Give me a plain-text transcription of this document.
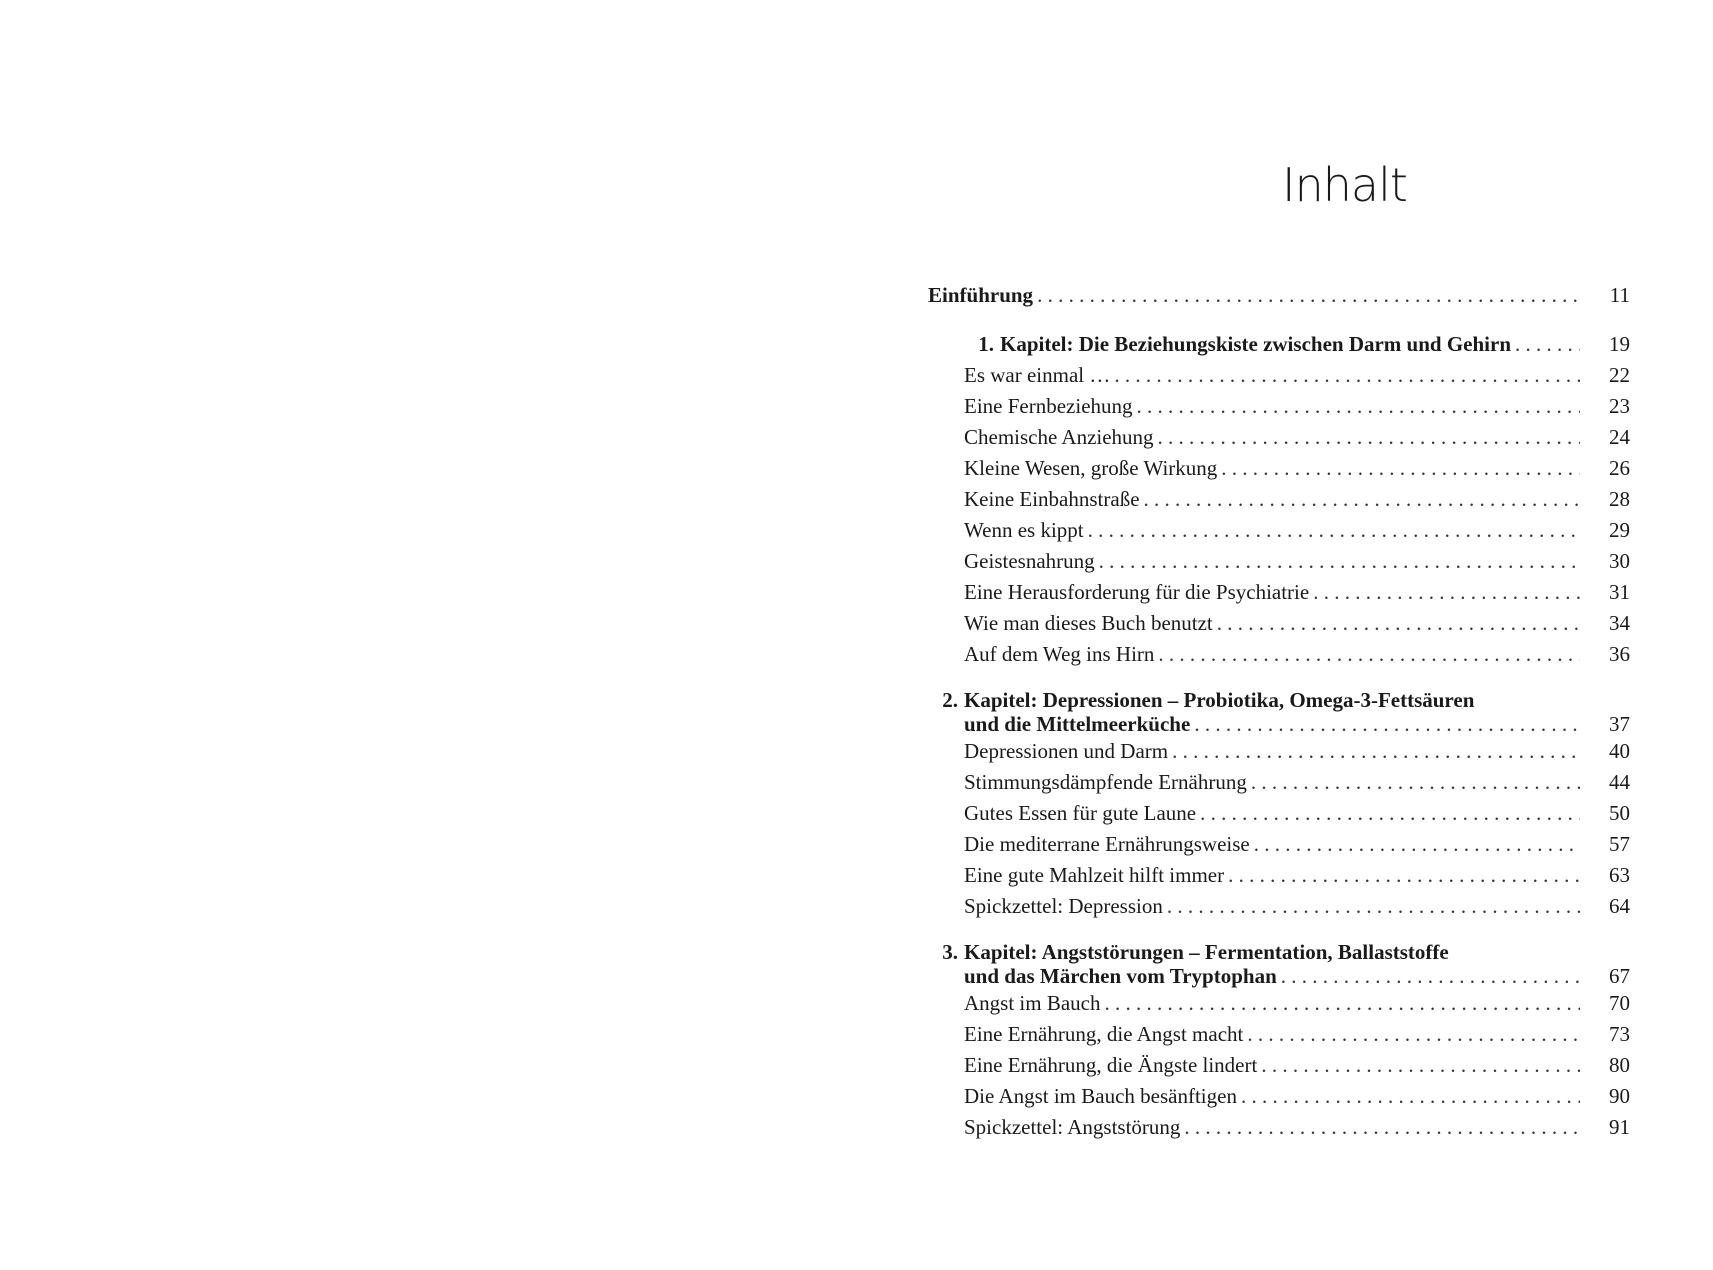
Inhalt
Einführung . . .	11
1. Kapitel: Die Beziehungskiste zwischen Darm und Gehirn . . .	19
Es war einmal … . . .	22
Eine Fernbeziehung . . .	23
Chemische Anziehung . . .	24
Kleine Wesen, große Wirkung . . .	26
Keine Einbahnstraße . . .	28
Wenn es kippt . . .	29
Geistesnahrung . . .	30
Eine Herausforderung für die Psychiatrie . . .	31
Wie man dieses Buch benutzt . . .	34
Auf dem Weg ins Hirn . . .	36
2. Kapitel: Depressionen – Probiotika, Omega-3-Fettsäuren
und die Mittelmeerküche . . .	37
Depressionen und Darm . . .	40
Stimmungsdämpfende Ernährung . . .	44
Gutes Essen für gute Laune . . .	50
Die mediterrane Ernährungsweise . . .	57
Eine gute Mahlzeit hilft immer . . .	63
Spickzettel: Depression . . .	64
3. Kapitel: Angststörungen – Fermentation, Ballaststoffe
und das Märchen vom Tryptophan . . .	67
Angst im Bauch . . .	70
Eine Ernährung, die Angst macht . . .	73
Eine Ernährung, die Ängste lindert . . .	80
Die Angst im Bauch besänftigen . . .	90
Spickzettel: Angststörung . . .	91
